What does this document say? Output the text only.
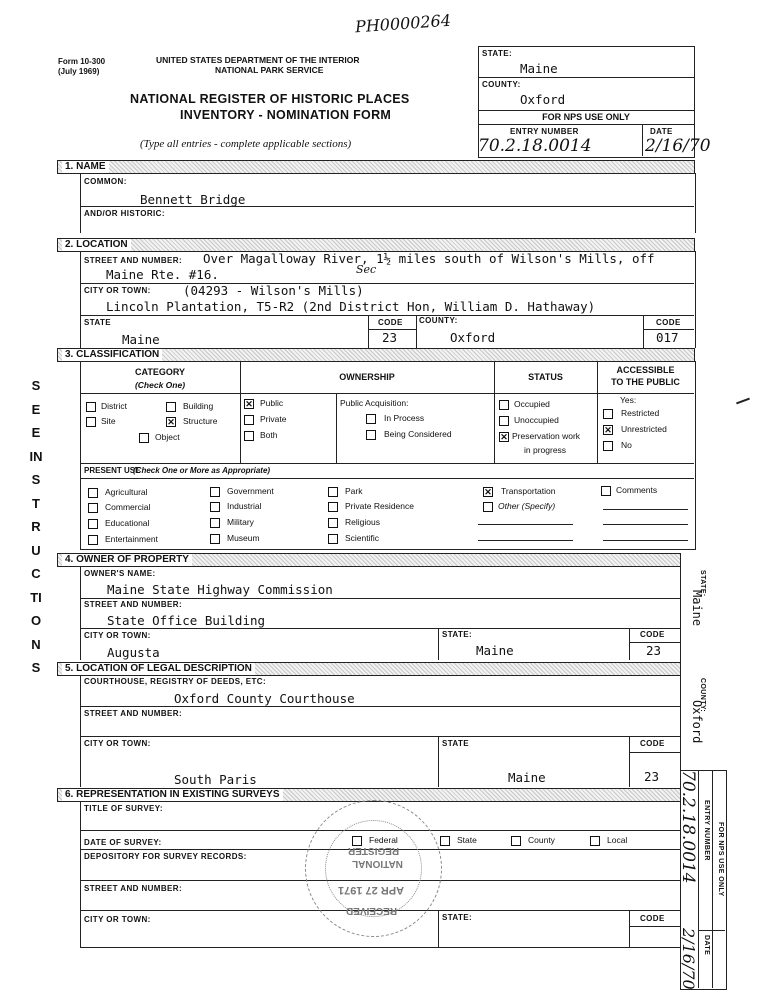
PH0000264
Form 10-300
(July 1969)
UNITED STATES DEPARTMENT OF THE INTERIOR
NATIONAL PARK SERVICE
NATIONAL REGISTER OF HISTORIC PLACES
INVENTORY - NOMINATION FORM
(Type all entries - complete applicable sections)
SEE INSTRUCTIONS
STATE:
Maine
COUNTY:
Oxford
FOR NPS USE ONLY
ENTRY NUMBER	DATE
70.2.18.0014	2/16/70
1. NAME
COMMON:
Bennett Bridge
AND/OR HISTORIC:
2. LOCATION
STREET AND NUMBER: Over Magalloway River, 1½ miles south of Wilson's Mills, off
Maine Rte. #16.	Sec
CITY OR TOWN:	(04293 - Wilson's Mills)
Lincoln Plantation, T5-R2 (2nd District Hon, William D. Hathaway)
STATE
Maine
CODE
23
COUNTY:
Oxford
CODE
017
3. CLASSIFICATION
CATEGORY
(Check One)
OWNERSHIP	STATUS
ACCESSIBLE
TO THE PUBLIC
District	Building
Site	✕ Structure
Object
✕ Public
Private
Both
Public Acquisition:
In Process
Being Considered
Occupied
Unoccupied
✕ Preservation work
in progress
Yes:
Restricted
✕ Unrestricted
No
PRESENT USE
(Check One or More as Appropriate)
Agricultural
Commercial
Educational
Entertainment
Government
Industrial
Military
Museum
Park
Private Residence
Religious
Scientific
✕ Transportation
Other (Specify)
Comments
4. OWNER OF PROPERTY
OWNER'S NAME:
Maine State Highway Commission
STREET AND NUMBER:
State Office Building
CITY OR TOWN:
Augusta
STATE:
Maine
CODE
23
STATE:
Maine
5. LOCATION OF LEGAL DESCRIPTION
COURTHOUSE, REGISTRY OF DEEDS, ETC:
Oxford County Courthouse
STREET AND NUMBER:
CITY OR TOWN:
South Paris
STATE
Maine
CODE
23
COUNTY:
Oxford
6. REPRESENTATION IN EXISTING SURVEYS
TITLE OF SURVEY:
DATE OF SURVEY:	Federal	State	County	Local
DEPOSITORY FOR SURVEY RECORDS:
STREET AND NUMBER:
CITY OR TOWN:	STATE:	CODE
REGISTER
NATIONAL
APR 27 1971
RECEIVED
FOR NPS USE ONLY
ENTRY NUMBER
DATE
70.2.18.0014
2/16/70
